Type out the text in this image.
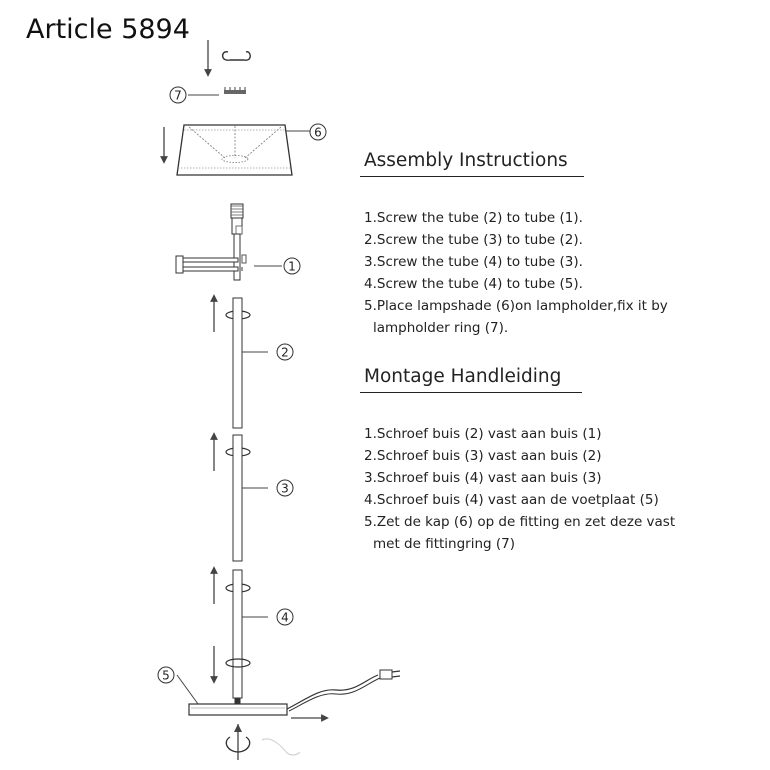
Article 5894
7
6
1
2
3
4
5
Assembly Instructions
1.Screw the tube (2) to tube (1).
2.Screw the tube (3) to tube (2).
3.Screw the tube (4) to tube (3).
4.Screw the tube (4) to tube (5).
5.Place lampshade (6)on lampholder,fix it by
lampholder ring (7).
Montage Handleiding
1.Schroef buis (2) vast aan buis (1)
2.Schroef buis (3) vast aan buis (2)
3.Schroef buis (4) vast aan buis (3)
4.Schroef buis (4) vast aan de voetplaat (5)
5.Zet de kap (6) op de fitting en zet deze vast
met de fittingring (7)
